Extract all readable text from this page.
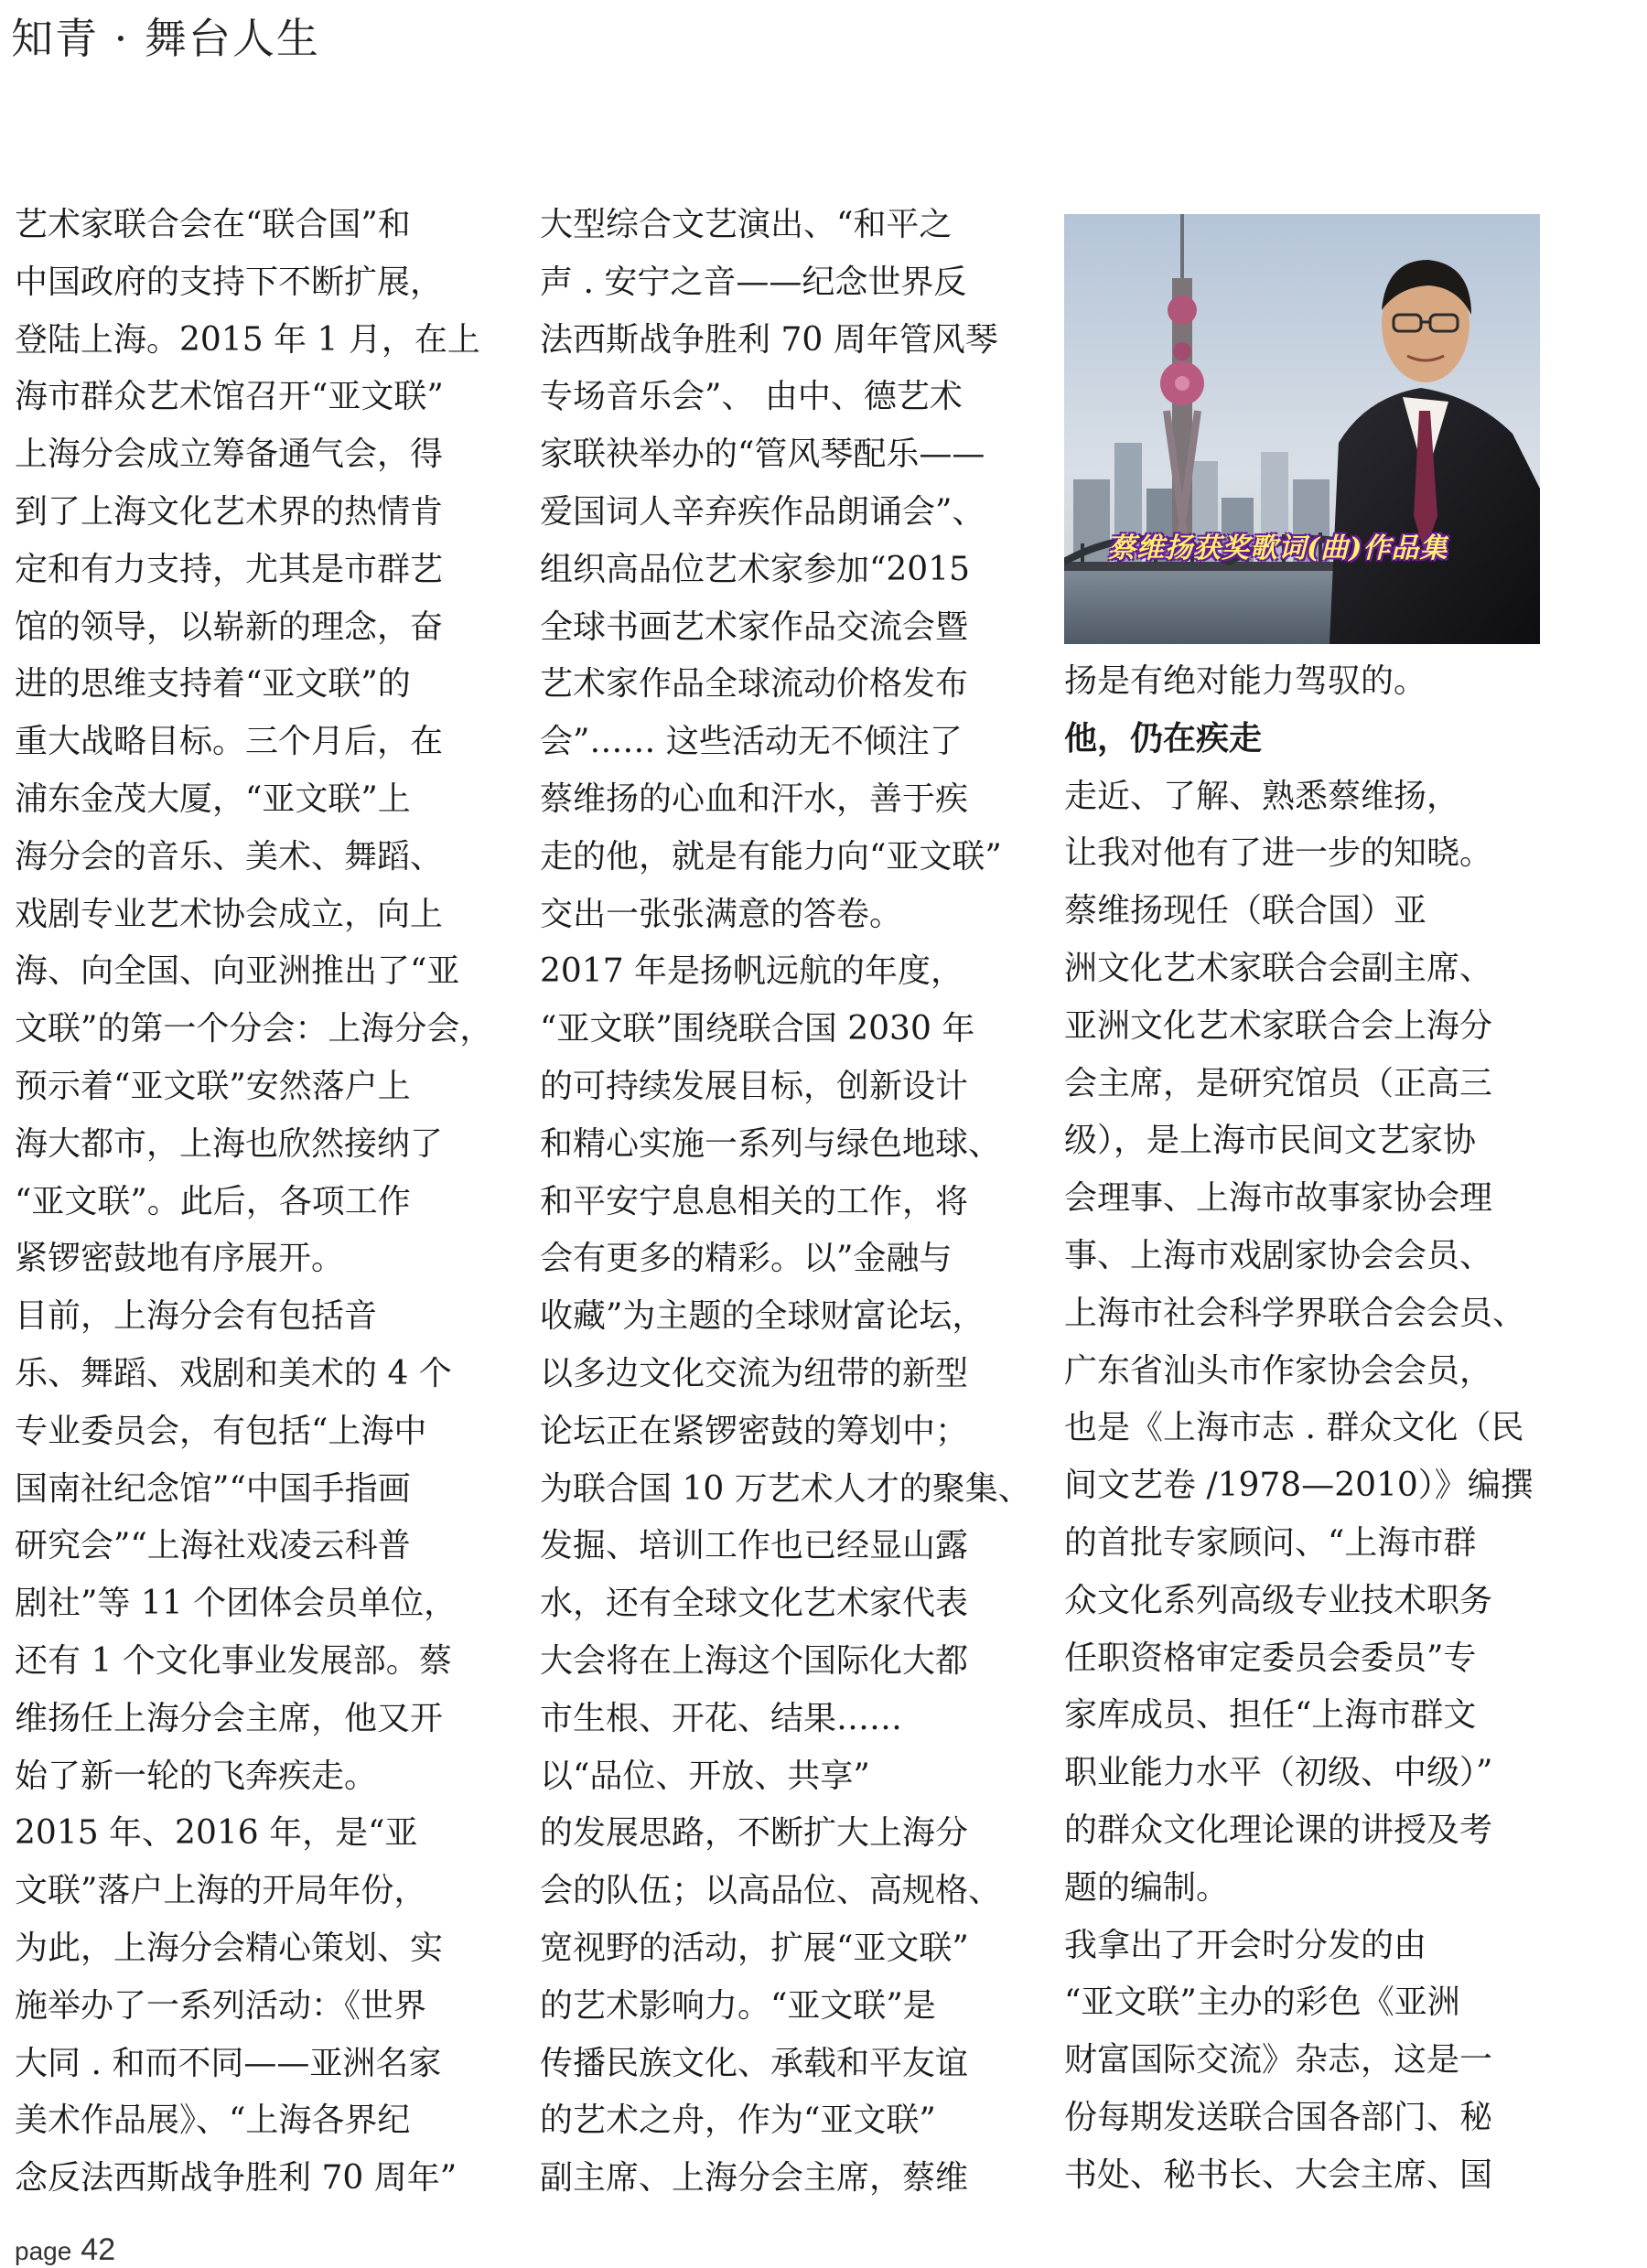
知青 · 舞台人生
艺术家联合会在“联合国”和
中国政府的支持下不断扩展，
登陆上海。2015 年 1 月，在上
海市群众艺术馆召开“亚文联”
上海分会成立筹备通气会，得
到了上海文化艺术界的热情肯
定和有力支持，尤其是市群艺
馆的领导，以崭新的理念，奋
进的思维支持着“亚文联”的
重大战略目标。三个月后，在
浦东金茂大厦，“亚文联”上
海分会的音乐、美术、舞蹈、
戏剧专业艺术协会成立，向上
海、向全国、向亚洲推出了“亚
文联”的第一个分会：上海分会，
预示着“亚文联”安然落户上
海大都市，上海也欣然接纳了
“亚文联”。此后，各项工作
紧锣密鼓地有序展开。
目前，上海分会有包括音
乐、舞蹈、戏剧和美术的 4 个
专业委员会，有包括“上海中
国南社纪念馆”“中国手指画
研究会”“上海社戏凌云科普
剧社”等 11 个团体会员单位，
还有 1 个文化事业发展部。蔡
维扬任上海分会主席，他又开
始了新一轮的飞奔疾走。
2015 年、2016 年，是“亚
文联”落户上海的开局年份，
为此，上海分会精心策划、实
施举办了一系列活动：《世界
大同 . 和而不同——亚洲名家
美术作品展》、“上海各界纪
念反法西斯战争胜利 70 周年”
大型综合文艺演出、“和平之
声 . 安宁之音——纪念世界反
法西斯战争胜利 70 周年管风琴
专场音乐会”、 由中、德艺术
家联袂举办的“管风琴配乐——
爱国词人辛弃疾作品朗诵会”、
组织高品位艺术家参加“2015
全球书画艺术家作品交流会暨
艺术家作品全球流动价格发布
会”…… 这些活动无不倾注了
蔡维扬的心血和汗水，善于疾
走的他，就是有能力向“亚文联”
交出一张张满意的答卷。
2017 年是扬帆远航的年度，
“亚文联”围绕联合国 2030 年
的可持续发展目标，创新设计
和精心实施一系列与绿色地球、
和平安宁息息相关的工作，将
会有更多的精彩。以”金融与
收藏”为主题的全球财富论坛，
以多边文化交流为纽带的新型
论坛正在紧锣密鼓的筹划中；
为联合国 10 万艺术人才的聚集、
发掘、培训工作也已经显山露
水，还有全球文化艺术家代表
大会将在上海这个国际化大都
市生根、开花、结果……
以“品位、开放、共享”
的发展思路，不断扩大上海分
会的队伍；以高品位、高规格、
宽视野的活动，扩展“亚文联”
的艺术影响力。“亚文联”是
传播民族文化、承载和平友谊
的艺术之舟，作为“亚文联”
副主席、上海分会主席，蔡维
扬是有绝对能力驾驭的。
他，仍在疾走
走近、了解、熟悉蔡维扬，
让我对他有了进一步的知晓。
蔡维扬现任（联合国）亚
洲文化艺术家联合会副主席、
亚洲文化艺术家联合会上海分
会主席，是研究馆员（正高三
级），是上海市民间文艺家协
会理事、上海市故事家协会理
事、上海市戏剧家协会会员、
上海市社会科学界联合会会员、
广东省汕头市作家协会会员，
也是《上海市志 . 群众文化（民
间文艺卷 /1978—2010）》编撰
的首批专家顾问、“上海市群
众文化系列高级专业技术职务
任职资格审定委员会委员”专
家库成员、担任“上海市群文
职业能力水平（初级、中级）”
的群众文化理论课的讲授及考
题的编制。
我拿出了开会时分发的由
“亚文联”主办的彩色《亚洲
财富国际交流》杂志，这是一
份每期发送联合国各部门、秘
书处、秘书长、大会主席、国
蔡维扬获奖歌词(曲)作品集
page 42
